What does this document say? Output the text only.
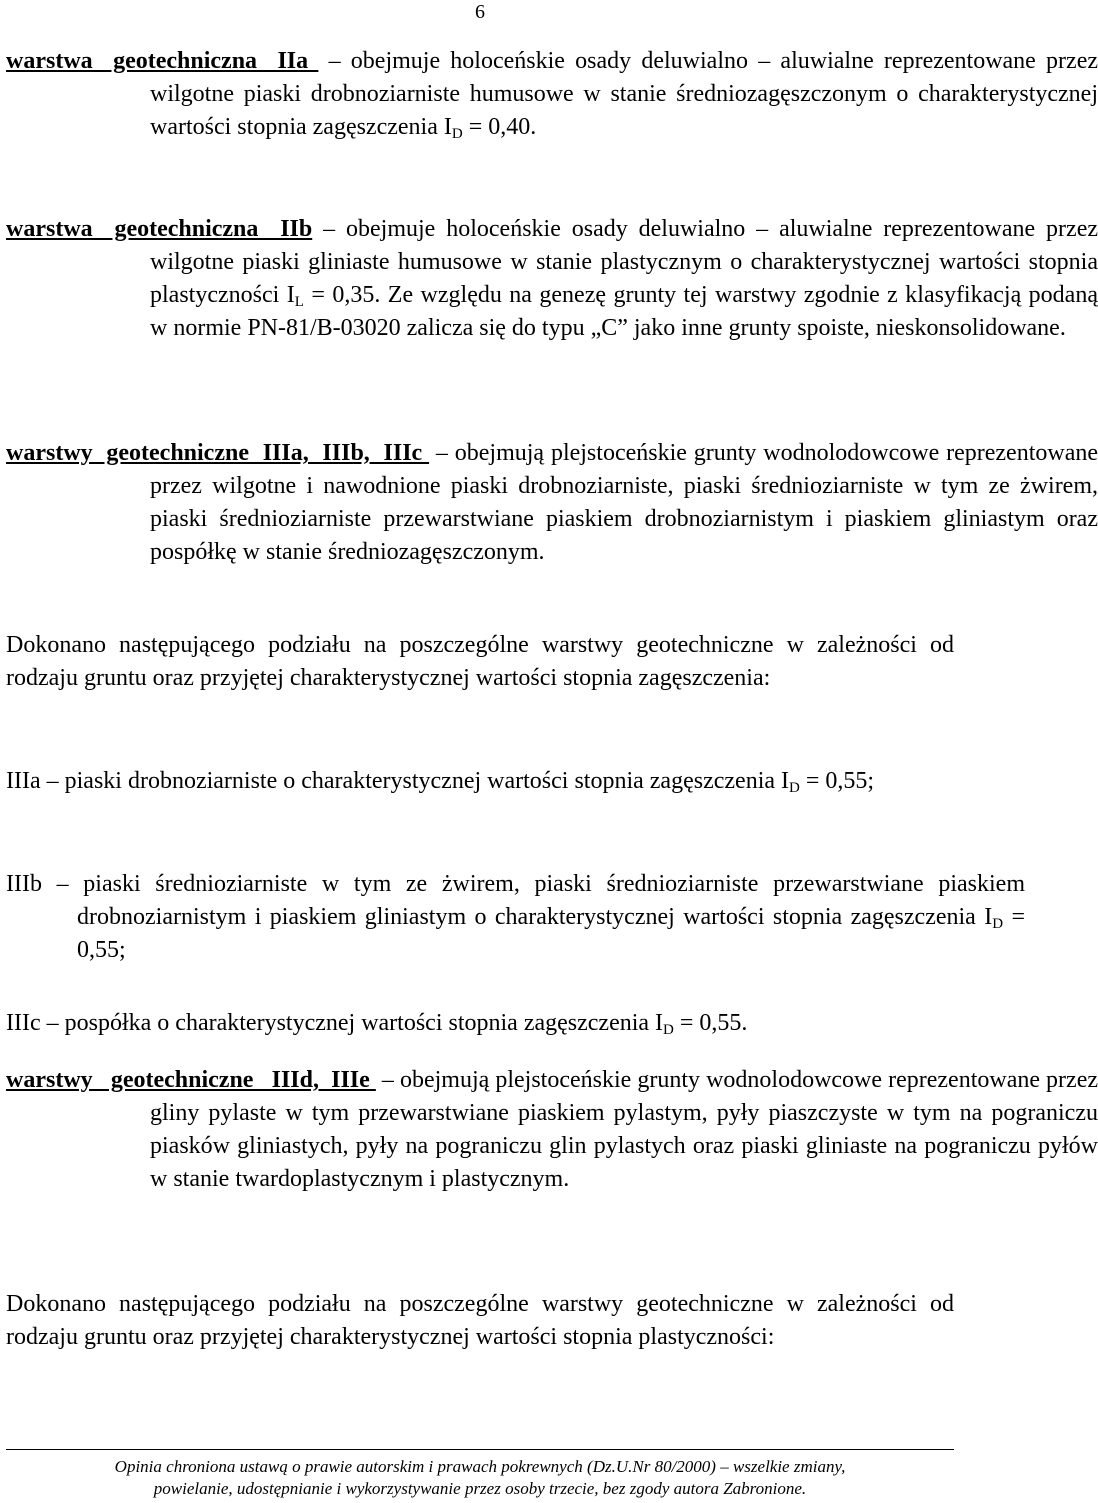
6

warstwa  geotechniczna  IIa  – obejmuje holoceńskie osady deluwialno – aluwialne reprezentowane przez wilgotne piaski drobnoziarniste humusowe w stanie średniozagęszczonym o charakterystycznej wartości stopnia zagęszczenia $I_D = 0,40$.

warstwa  geotechniczna  IIb – obejmuje holoceńskie osady deluwialno – aluwialne reprezentowane przez wilgotne piaski gliniaste humusowe w stanie plastycznym o charakterystycznej wartości stopnia plastyczności $I_L = 0,35$. Ze względu na genezę grunty tej warstwy zgodnie z klasyfikacją podaną w normie PN-81/B-03020 zalicza się do typu „C” jako inne grunty spoiste, nieskonsolidowane.

warstwy  geotechniczne  IIIa,  IIIb,  IIIc  – obejmują plejstoceńskie grunty wodnolodowcowe reprezentowane przez wilgotne i nawodnione piaski drobnoziarniste, piaski średnioziarniste w tym ze żwirem, piaski średnioziarniste przewarstwiane piaskiem drobnoziarnistym i piaskiem gliniastym oraz pospółkę w stanie średniozagęszczonym.

Dokonano następującego podziału na poszczególne warstwy geotechniczne w zależności od rodzaju gruntu oraz przyjętej charakterystycznej wartości stopnia zagęszczenia:

IIIa – piaski drobnoziarniste o charakterystycznej wartości stopnia zagęszczenia $I_D = 0,55$;

IIIb – piaski średnioziarniste w tym ze żwirem, piaski średnioziarniste przewarstwiane piaskiem drobnoziarnistym i piaskiem gliniastym o charakterystycznej wartości stopnia zagęszczenia $I_D = 0,55$;

IIIc – pospółka o charakterystycznej wartości stopnia zagęszczenia $I_D = 0,55$.

warstwy   geotechniczne   IIId,  IIIe  – obejmują plejstoceńskie grunty wodnolodowcowe reprezentowane przez gliny pylaste w tym przewarstwiane piaskiem pylastym, pyły piaszczyste w tym na pograniczu piasków gliniastych, pyły na pograniczu glin pylastych oraz piaski gliniaste na pograniczu pyłów w stanie twardoplastycznym i plastycznym.

Dokonano następującego podziału na poszczególne warstwy geotechniczne w zależności od rodzaju gruntu oraz przyjętej charakterystycznej wartości stopnia plastyczności:

Opinia chroniona ustawą o prawie autorskim i prawach pokrewnych (Dz.U.Nr 80/2000) – wszelkie zmiany,
powielanie, udostępnianie i wykorzystywanie przez osoby trzecie, bez zgody autora Zabronione.
